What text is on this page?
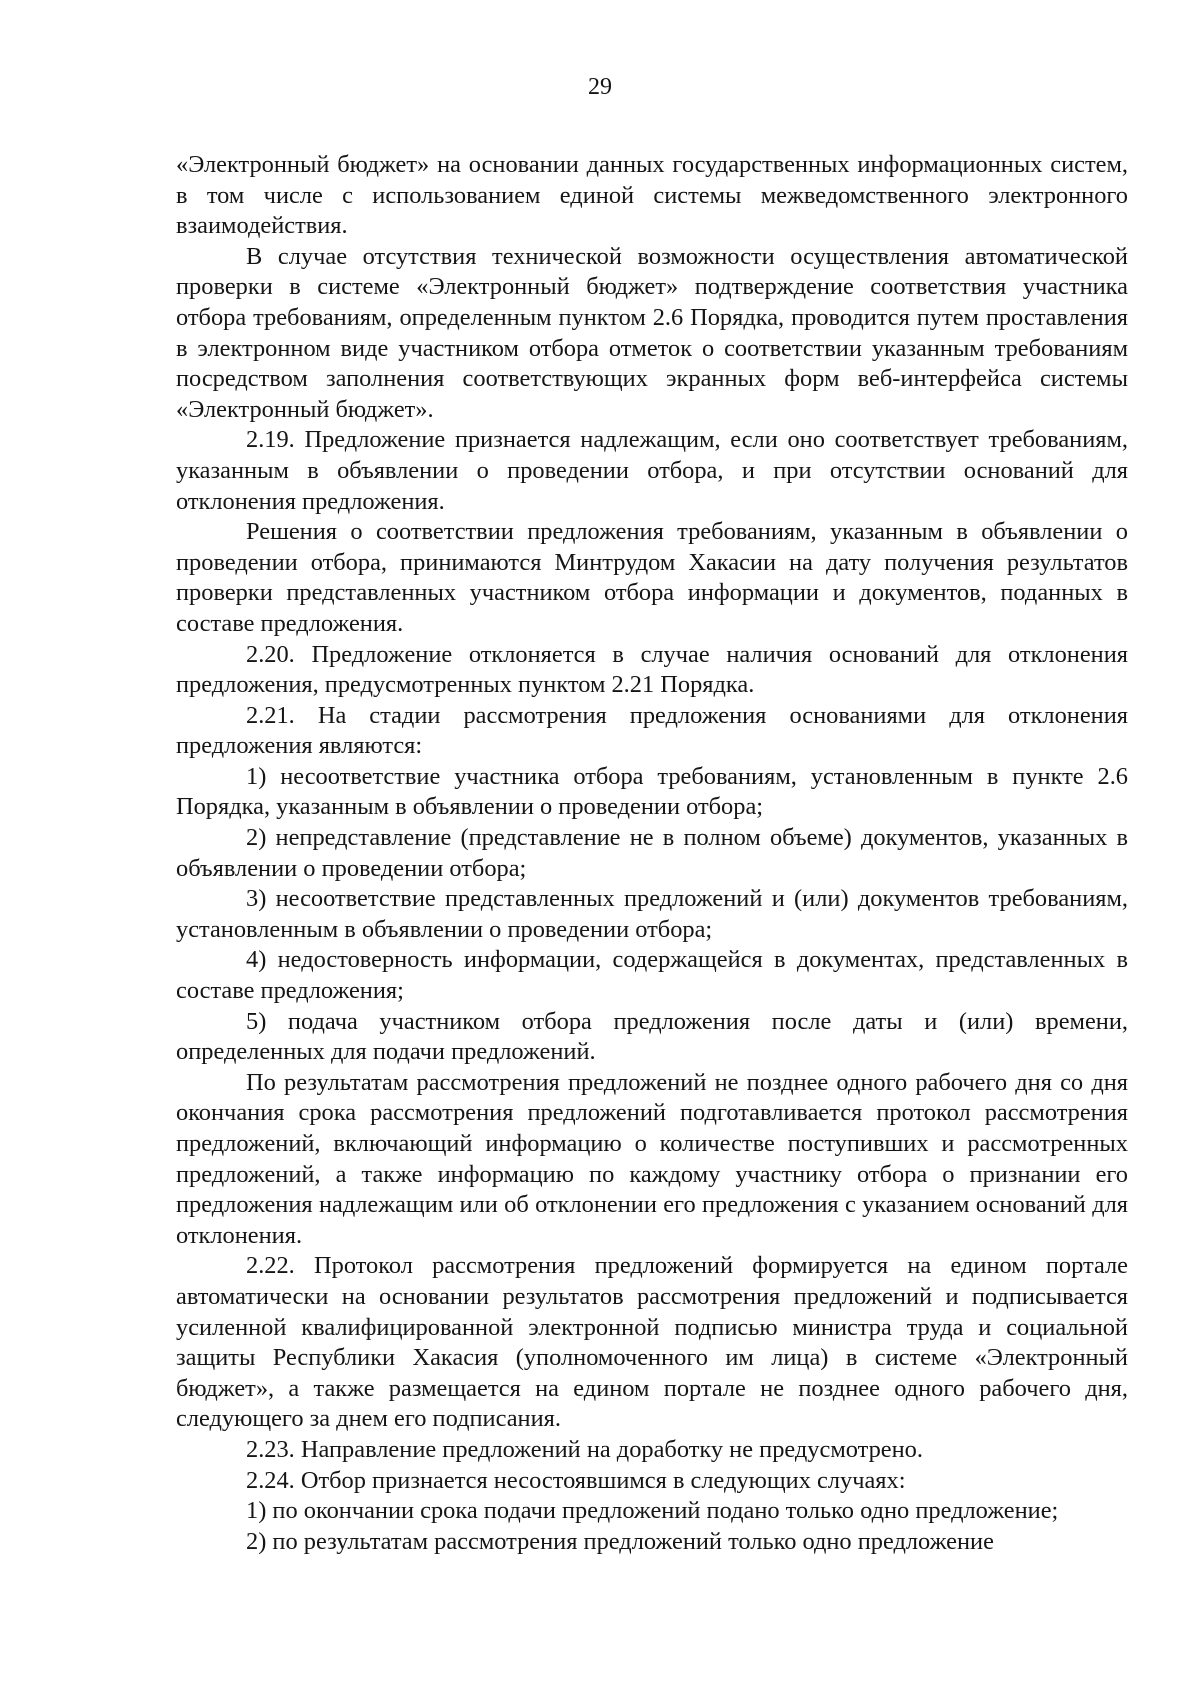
29

«Электронный бюджет» на основании данных государственных информационных систем, в том числе с использованием единой системы межведомственного электронного взаимодействия.

В случае отсутствия технической возможности осуществления автоматической проверки в системе «Электронный бюджет» подтверждение соответствия участника отбора требованиям, определенным пунктом 2.6 Порядка, проводится путем проставления в электронном виде участником отбора отметок о соответствии указанным требованиям посредством заполнения соответствующих экранных форм веб-интерфейса системы «Электронный бюджет».

2.19. Предложение признается надлежащим, если оно соответствует требованиям, указанным в объявлении о проведении отбора, и при отсутствии оснований для отклонения предложения.

Решения о соответствии предложения требованиям, указанным в объявлении о проведении отбора, принимаются Минтрудом Хакасии на дату получения результатов проверки представленных участником отбора информации и документов, поданных в составе предложения.

2.20. Предложение отклоняется в случае наличия оснований для отклонения предложения, предусмотренных пунктом 2.21 Порядка.

2.21. На стадии рассмотрения предложения основаниями для отклонения предложения являются:

1) несоответствие участника отбора требованиям, установленным в пункте 2.6 Порядка, указанным в объявлении о проведении отбора;

2) непредставление (представление не в полном объеме) документов, указанных в объявлении о проведении отбора;

3) несоответствие представленных предложений и (или) документов требованиям, установленным в объявлении о проведении отбора;

4) недостоверность информации, содержащейся в документах, представленных в составе предложения;

5) подача участником отбора предложения после даты и (или) времени, определенных для подачи предложений.

По результатам рассмотрения предложений не позднее одного рабочего дня со дня окончания срока рассмотрения предложений подготавливается протокол рассмотрения предложений, включающий информацию о количестве поступивших и рассмотренных предложений, а также информацию по каждому участнику отбора о признании его предложения надлежащим или об отклонении его предложения с указанием оснований для отклонения.

2.22. Протокол рассмотрения предложений формируется на едином портале автоматически на основании результатов рассмотрения предложений и подписывается усиленной квалифицированной электронной подписью министра труда и социальной защиты Республики Хакасия (уполномоченного им лица) в системе «Электронный бюджет», а также размещается на едином портале не позднее одного рабочего дня, следующего за днем его подписания.

2.23. Направление предложений на доработку не предусмотрено.

2.24. Отбор признается несостоявшимся в следующих случаях:

1) по окончании срока подачи предложений подано только одно предложение;

2) по результатам рассмотрения предложений только одно предложение
